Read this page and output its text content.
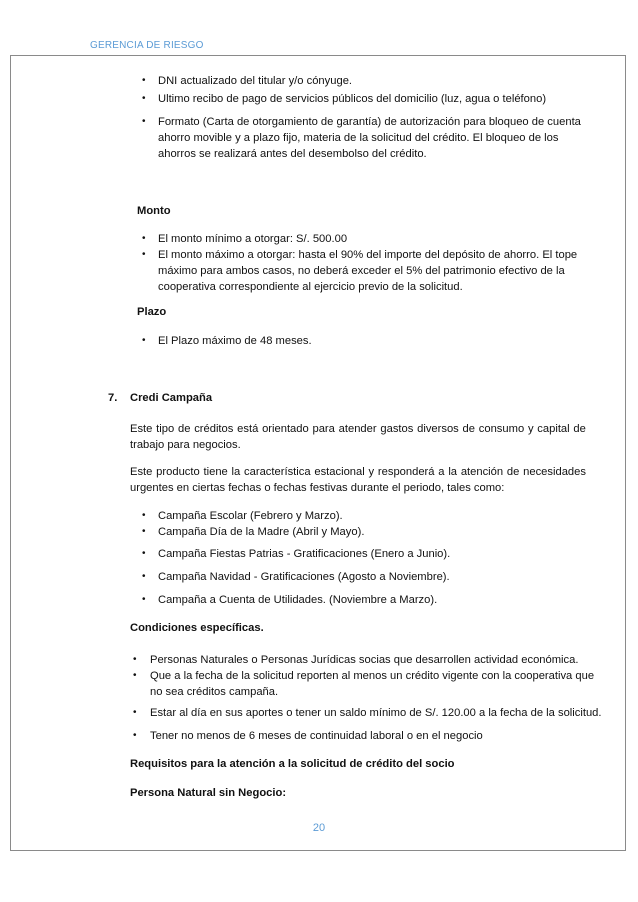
GERENCIA DE RIESGO
• DNI actualizado del titular y/o cónyuge.
• Ultimo recibo de pago de servicios públicos del domicilio (luz, agua o teléfono)
• Formato (Carta de otorgamiento de garantía) de autorización para bloqueo de cuenta
ahorro movible y a plazo fijo, materia de la solicitud del crédito. El bloqueo de los
ahorros se realizará antes del desembolso del crédito.
Monto
• El monto mínimo a otorgar: S/. 500.00
• El monto máximo a otorgar: hasta el 90% del importe del depósito de ahorro. El tope
máximo para ambos casos, no deberá exceder el 5% del patrimonio efectivo de la
cooperativa correspondiente al ejercicio previo de la solicitud.
Plazo
• El Plazo máximo de 48 meses.
7. Credi Campaña
Este tipo de créditos está orientado para atender gastos diversos de consumo y capital de
trabajo para negocios.
Este producto tiene la característica estacional y responderá a la atención de necesidades
urgentes en ciertas fechas o fechas festivas durante el periodo, tales como:
• Campaña Escolar (Febrero y Marzo).
• Campaña Día de la Madre (Abril y Mayo).
• Campaña Fiestas Patrias - Gratificaciones (Enero a Junio).
• Campaña Navidad - Gratificaciones (Agosto a Noviembre).
• Campaña a Cuenta de Utilidades. (Noviembre a Marzo).
Condiciones específicas.
• Personas Naturales o Personas Jurídicas socias que desarrollen actividad económica.
• Que a la fecha de la solicitud reporten al menos un crédito vigente con la cooperativa que
no sea créditos campaña.
• Estar al día en sus aportes o tener un saldo mínimo de S/. 120.00 a la fecha de la solicitud.
• Tener no menos de 6 meses de continuidad laboral o en el negocio
Requisitos para la atención a la solicitud de crédito del socio
Persona Natural sin Negocio:
20
